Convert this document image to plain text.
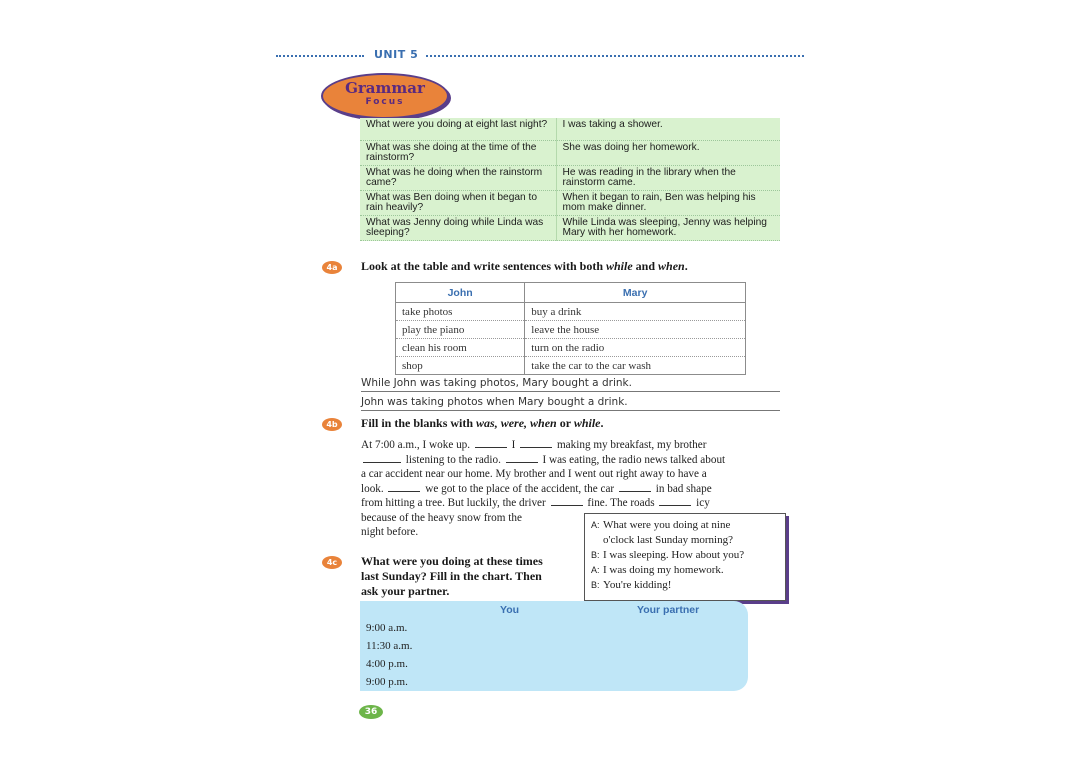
UNIT 5
Grammar
Focus
What were you doing at eight last night?	I was taking a shower.
What was she doing at the time of the rainstorm?	She was doing her homework.
What was he doing when the rainstorm came?	He was reading in the library when the rainstorm came.
What was Ben doing when it began to rain heavily?	When it began to rain, Ben was helping his mom make dinner.
What was Jenny doing while Linda was sleeping?	While Linda was sleeping, Jenny was helping Mary with her homework.
4a	Look at the table and write sentences with both while and when.
John	Mary
take photos	buy a drink
play the piano	leave the house
clean his room	turn on the radio
shop	take the car to the car wash
While John was taking photos, Mary bought a drink.
John was taking photos when Mary bought a drink.
4b	Fill in the blanks with was, were, when or while.
At 7:00 a.m., I woke up.	I	making my breakfast, my brother
listening to the radio.	I was eating, the radio news talked about
a car accident near our home. My brother and I went out right away to have a
look.	we got to the place of the accident, the car	in bad shape
from hitting a tree. But luckily, the driver	fine. The roads	icy
because of the heavy snow from the
night before.
A: What were you doing at nine
o'clock last Sunday morning?
B: I was sleeping. How about you?
A: I was doing my homework.
B: You're kidding!
4c	What were you doing at these times
last Sunday? Fill in the chart. Then
ask your partner.
You	Your partner
9:00 a.m.
11:30 a.m.
4:00 p.m.
9:00 p.m.
36
